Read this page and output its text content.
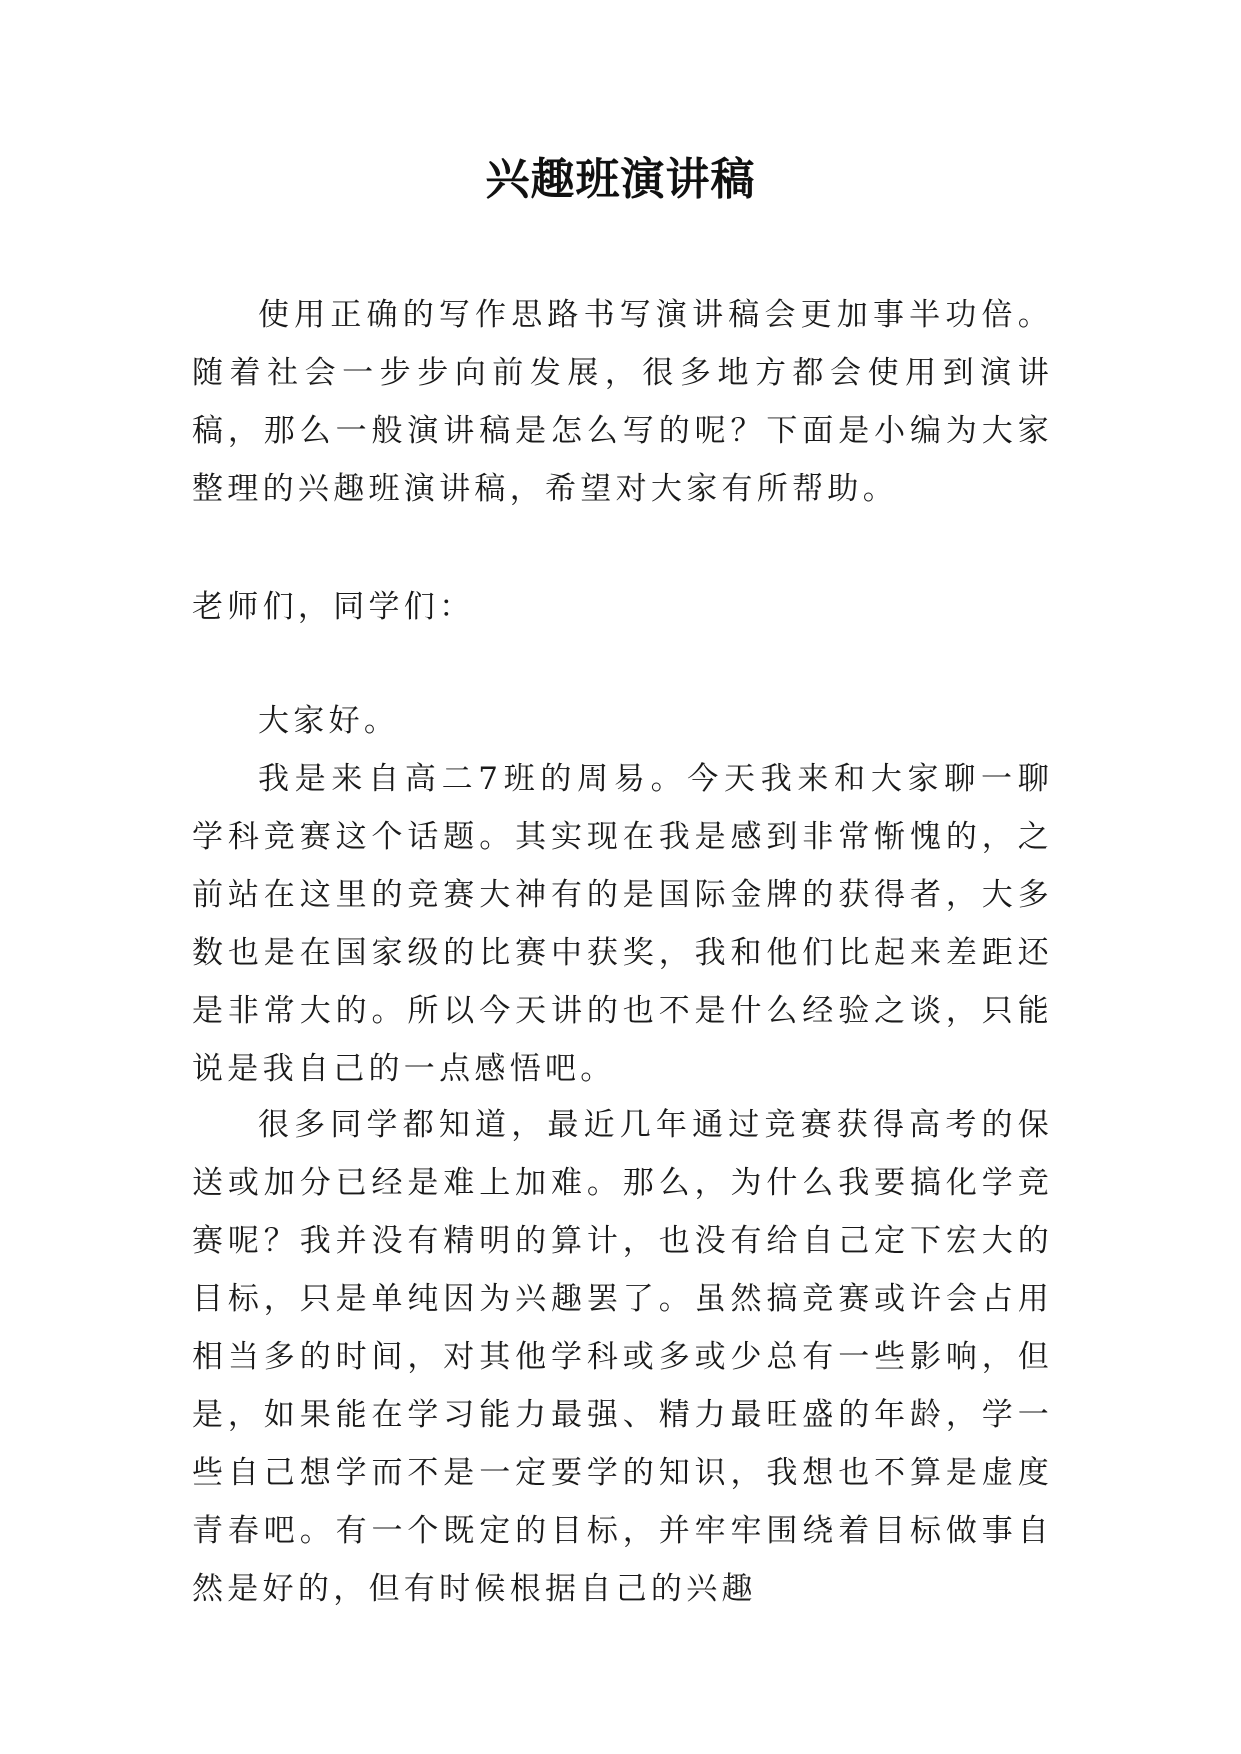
兴趣班演讲稿

使用正确的写作思路书写演讲稿会更加事半功倍。随着社会一步步向前发展，很多地方都会使用到演讲稿，那么一般演讲稿是怎么写的呢？下面是小编为大家整理的兴趣班演讲稿，希望对大家有所帮助。

老师们，同学们：

大家好。

我是来自高二7班的周易。今天我来和大家聊一聊学科竞赛这个话题。其实现在我是感到非常惭愧的，之前站在这里的竞赛大神有的是国际金牌的获得者，大多数也是在国家级的比赛中获奖，我和他们比起来差距还是非常大的。所以今天讲的也不是什么经验之谈，只能说是我自己的一点感悟吧。

很多同学都知道，最近几年通过竞赛获得高考的保送或加分已经是难上加难。那么，为什么我要搞化学竞赛呢？我并没有精明的算计，也没有给自己定下宏大的目标，只是单纯因为兴趣罢了。虽然搞竞赛或许会占用相当多的时间，对其他学科或多或少总有一些影响，但是，如果能在学习能力最强、精力最旺盛的年龄，学一些自己想学而不是一定要学的知识，我想也不算是虚度青春吧。有一个既定的目标，并牢牢围绕着目标做事自然是好的，但有时候根据自己的兴趣
